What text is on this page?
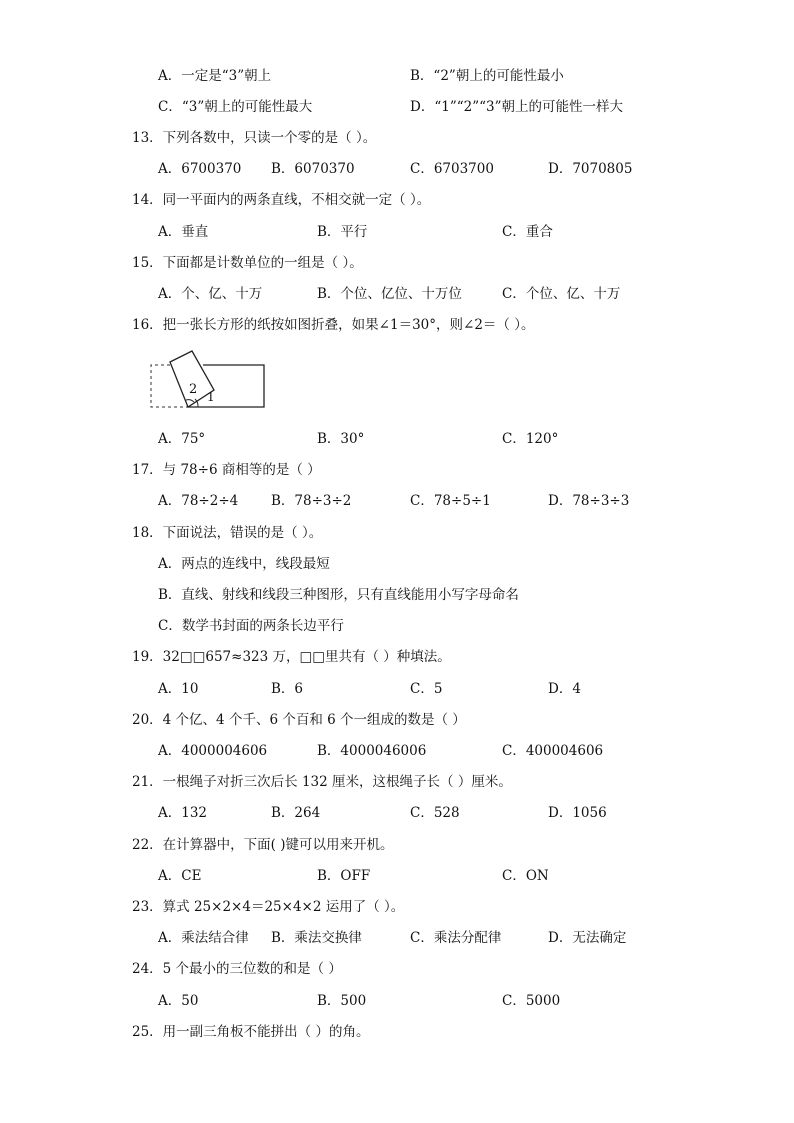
A．一定是“3”朝上	B．“2”朝上的可能性最小
C．“3”朝上的可能性最大	D．“1”“2”“3”朝上的可能性一样大
13．下列各数中，只读一个零的是（ ）。
A．6700370 B．6070370	C．6703700	D．7070805
14．同一平面内的两条直线，不相交就一定（ ）。
A．垂直	B．平行	C．重合
15．下面都是计数单位的一组是（ ）。
A．个、亿、十万	B．个位、亿位、十万位	C．个位、亿、十万
16．把一张长方形的纸按如图折叠，如果∠1＝30°，则∠2＝（ ）。
2 1
A．75°	B．30°	C．120°
17．与 78÷6 商相等的是（ ）
A．78÷2÷4 B．78÷3÷2	C．78÷5÷1	D．78÷3÷3
18．下面说法，错误的是（ ）。
A．两点的连线中，线段最短
B．直线、射线和线段三种图形，只有直线能用小写字母命名
C．数学书封面的两条长边平行
19．32□□657≈323 万，□□里共有（ ）种填法。
A．10	B．6	C．5	D．4
20．4 个亿、4 个千、6 个百和 6 个一组成的数是（ ）
A．4000004606	B．4000046006	C．400004606
21．一根绳子对折三次后长 132 厘米，这根绳子长（ ）厘米。
A．132	B．264	C．528	D．1056
22．在计算器中，下面( )键可以用来开机。
A．CE	B．OFF	C．ON
23．算式 25×2×4＝25×4×2 运用了（ ）。
A．乘法结合律 B．乘法交换律	C．乘法分配律	D．无法确定
24．5 个最小的三位数的和是（ ）
A．50	B．500	C．5000
25．用一副三角板不能拼出（ ）的角。
